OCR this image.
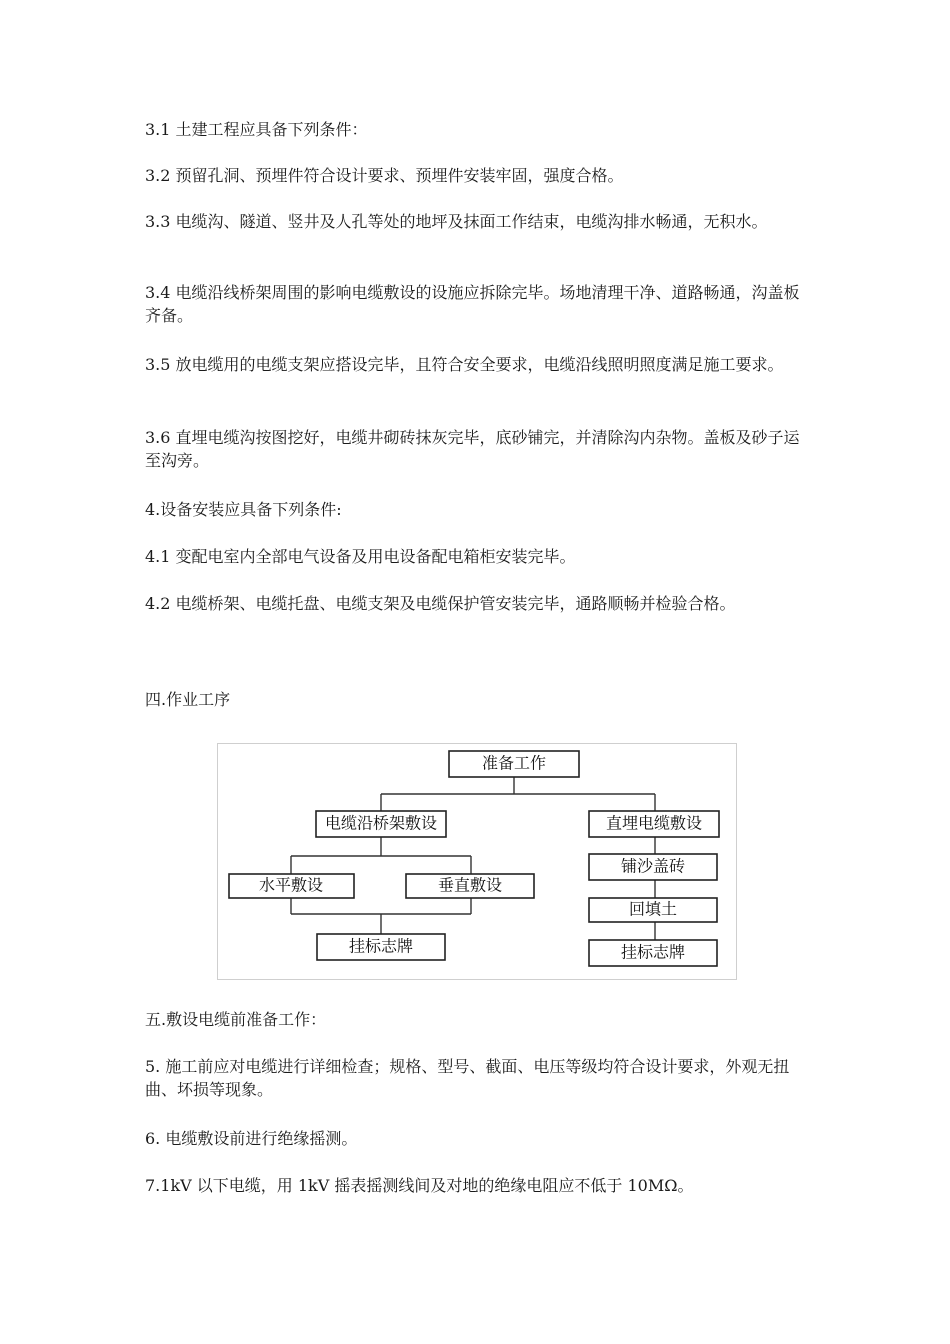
3.1 土建工程应具备下列条件：

3.2 预留孔洞、预埋件符合设计要求、预埋件安装牢固，强度合格。

3.3 电缆沟、隧道、竖井及人孔等处的地坪及抹面工作结束，电缆沟排水畅通，无积水。

3.4 电缆沿线桥架周围的影响电缆敷设的设施应拆除完毕。场地清理干净、道路畅通，沟盖板齐备。

3.5 放电缆用的电缆支架应搭设完毕，且符合安全要求，电缆沿线照明照度满足施工要求。

3.6 直埋电缆沟按图挖好，电缆井砌砖抹灰完毕，底砂铺完，并清除沟内杂物。盖板及砂子运至沟旁。

4.设备安装应具备下列条件:

4.1 变配电室内全部电气设备及用电设备配电箱柜安装完毕。

4.2 电缆桥架、电缆托盘、电缆支架及电缆保护管安装完毕，通路顺畅并检验合格。

四.作业工序

准备工作
电缆沿桥架敷设
水平敷设	垂直敷设
挂标志牌
直埋电缆敷设
铺沙盖砖
回填土
挂标志牌

五.敷设电缆前准备工作：

5. 施工前应对电缆进行详细检查；规格、型号、截面、电压等级均符合设计要求，外观无扭曲、坏损等现象。

6. 电缆敷设前进行绝缘摇测。

7.1kV 以下电缆，用 1kV 摇表摇测线间及对地的绝缘电阻应不低于 10MΩ。
